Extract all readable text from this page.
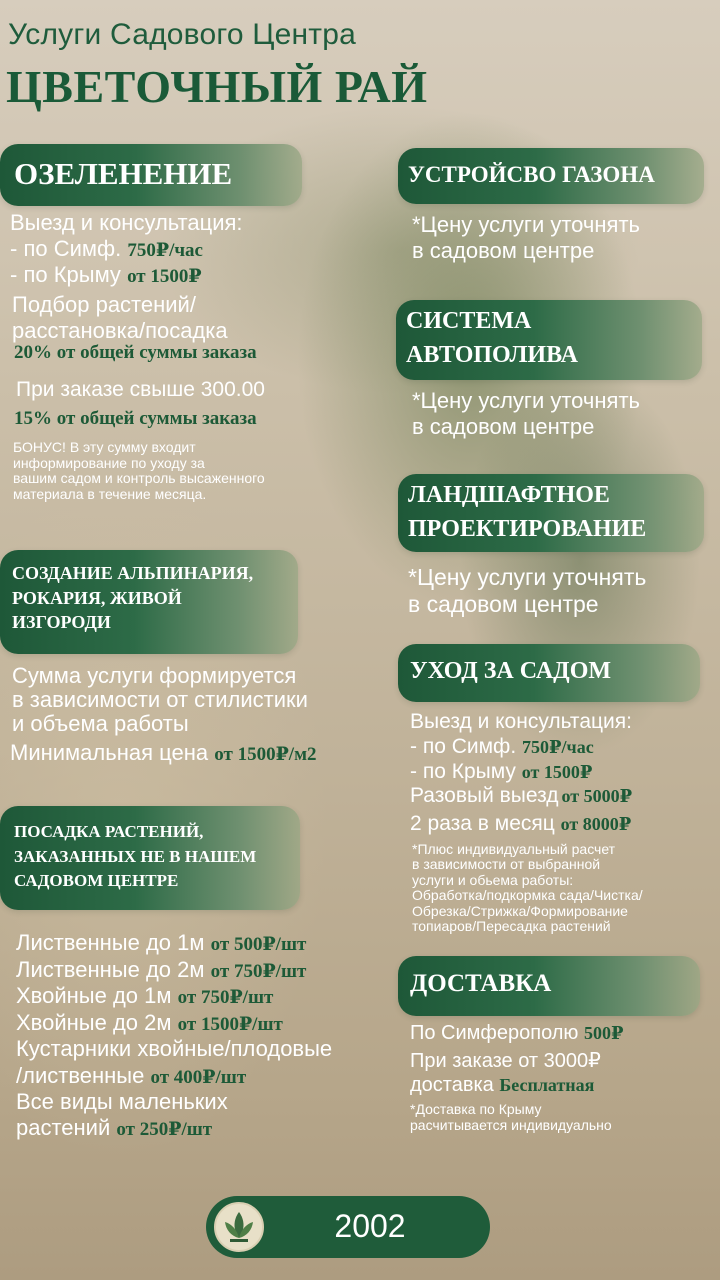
Услуги Садового Центра
ЦВЕТОЧНЫЙ РАЙ
ОЗЕЛЕНЕНИЕ
Выезд и консультация:
- по Симф. 750₽/час
- по Крыму от 1500₽
Подбор растений/
расстановка/посадка
20% от общей суммы заказа
При заказе свыше 300.00
15% от общей суммы заказа
БОНУС! В эту сумму входит
информирование по уходу за
вашим садом и контроль высаженного
материала в течение месяца.
СОЗДАНИЕ АЛЬПИНАРИЯ,
РОКАРИЯ, ЖИВОЙ
ИЗГОРОДИ
Сумма услуги формируется
в зависимости от стилистики
и объема работы
Минимальная цена от 1500₽/м2
ПОСАДКА РАСТЕНИЙ,
ЗАКАЗАННЫХ НЕ В НАШЕМ
САДОВОМ ЦЕНТРЕ
Лиственные до 1м от 500₽/шт
Лиственные до 2м от 750₽/шт
Хвойные до 1м от 750₽/шт
Хвойные до 2м от 1500₽/шт
Кустарники хвойные/плодовые
/лиственные от 400₽/шт
Все виды маленьких
растений от 250₽/шт
УСТРОЙСВО ГАЗОНА
*Цену услуги уточнять
в садовом центре
СИСТЕМА
АВТОПОЛИВА
*Цену услуги уточнять
в садовом центре
ЛАНДШАФТНОЕ
ПРОЕКТИРОВАНИЕ
*Цену услуги уточнять
в садовом центре
УХОД ЗА САДОМ
Выезд и консультация:
- по Симф. 750₽/час
- по Крыму от 1500₽
Разовый выезд от 5000₽
2 раза в месяц от 8000₽
*Плюс индивидуальный расчет
в зависимости от выбранной
услуги и обьема работы:
Обработка/подкормка сада/Чистка/
Обрезка/Стрижка/Формирование
топиаров/Пересадка растений
ДОСТАВКА
По Симферополю 500₽
При заказе от 3000₽
доставка Бесплатная
*Доставка по Крыму
расчитывается индивидуально
2002
